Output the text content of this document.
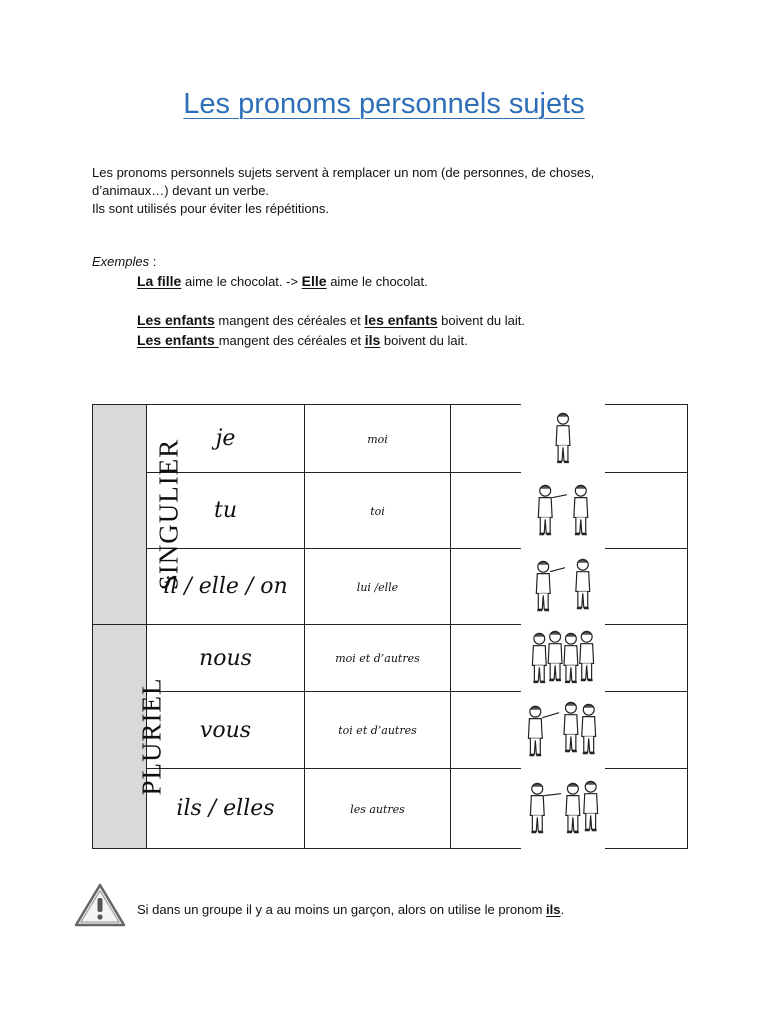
Les pronoms personnels sujets

Les pronoms personnels sujets servent à remplacer un nom (de personnes, de choses,

d’animaux…) devant un verbe.

Ils sont utilisés pour éviter les répétitions.

Exemples :

La fille aime le chocolat. -> Elle aime le chocolat.

Les enfants mangent des céréales et les enfants boivent du lait.

Les enfants mangent des céréales et ils boivent du lait.

SINGULIER	je	moi	

	tu	toi	

	il / elle / on	lui /elle	

PLURIEL	nous	moi et d’autres	

	vous	toi et d’autres	

	ils / elles	les autres	

Si dans un groupe il y a au moins un garçon, alors on utilise le pronom ils.
